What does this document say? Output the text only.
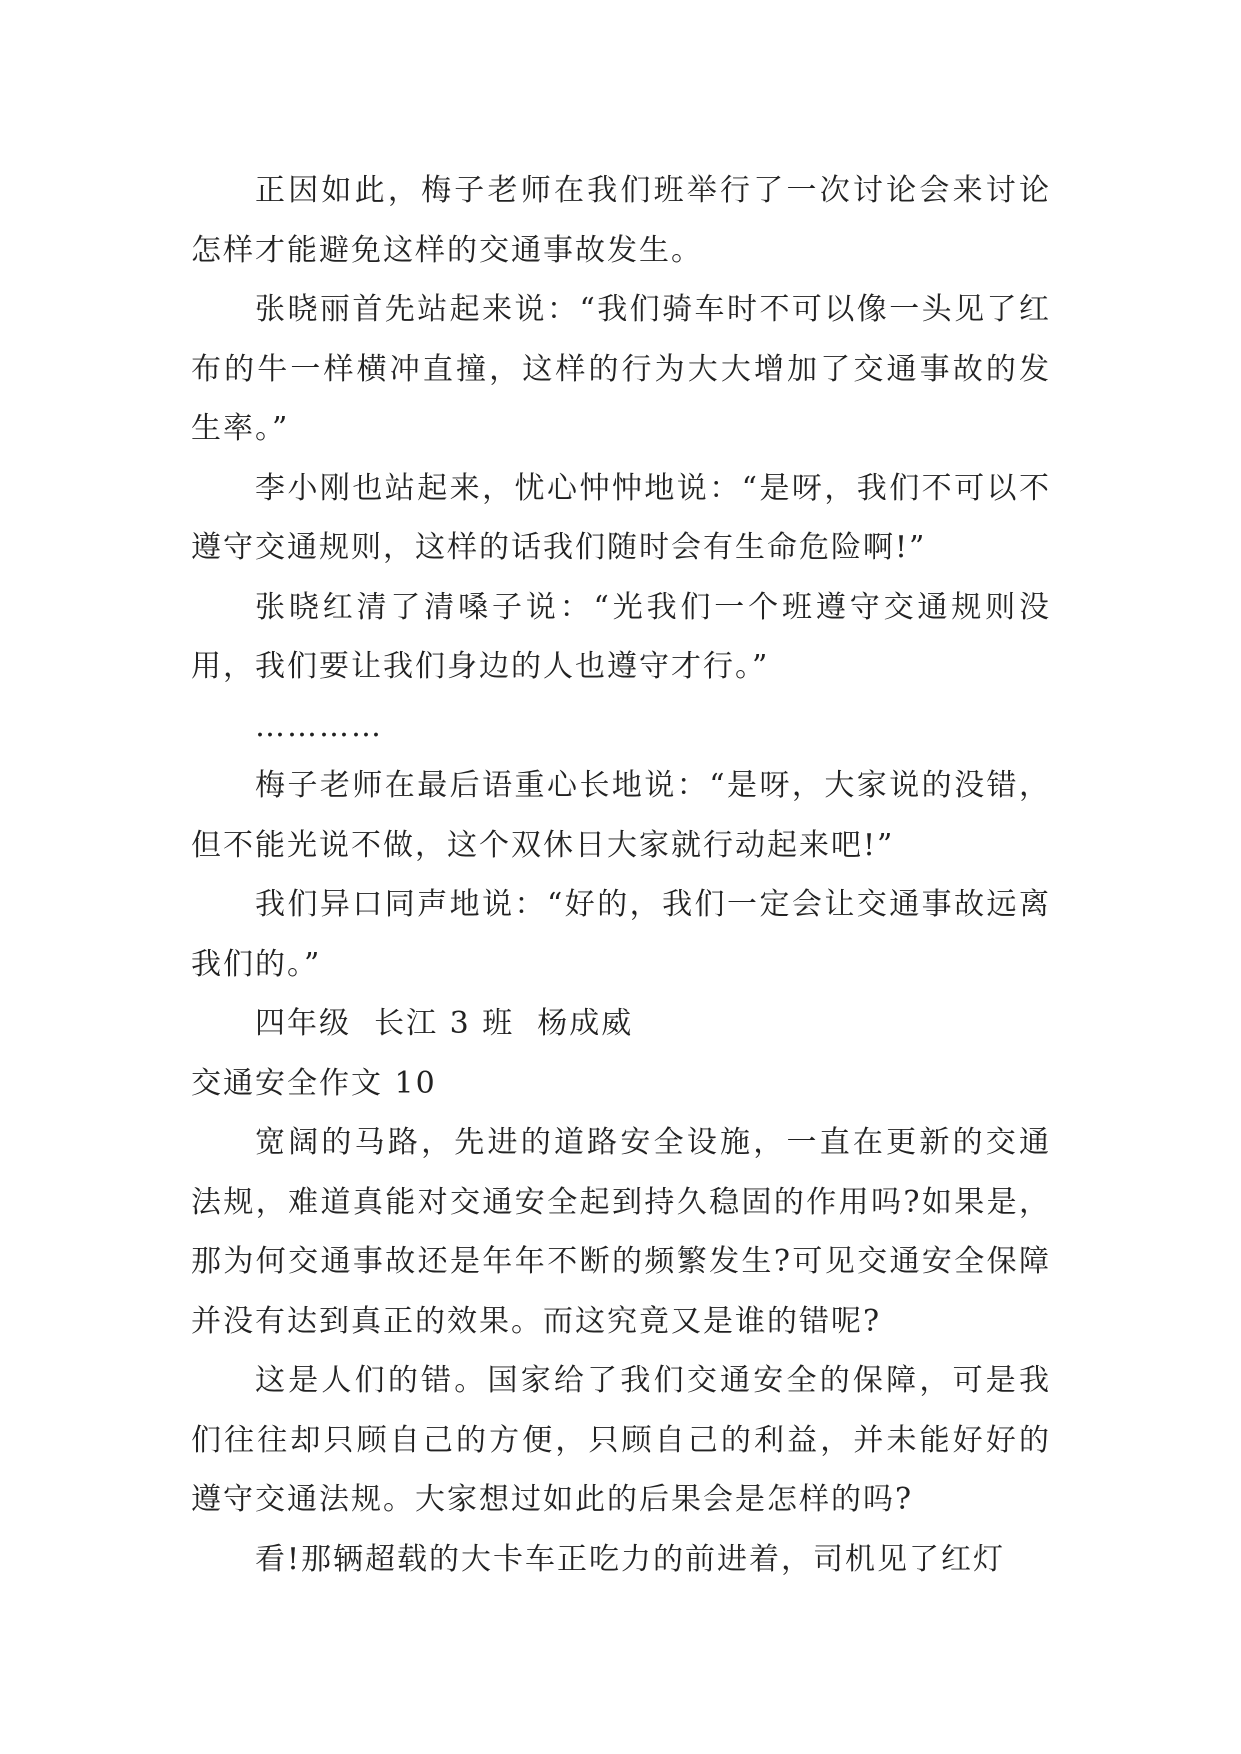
正因如此，梅子老师在我们班举行了一次讨论会来讨论怎样才能避免这样的交通事故发生。

张晓丽首先站起来说：“我们骑车时不可以像一头见了红布的牛一样横冲直撞，这样的行为大大增加了交通事故的发生率。”

李小刚也站起来，忧心忡忡地说：“是呀，我们不可以不遵守交通规则，这样的话我们随时会有生命危险啊!”

张晓红清了清嗓子说：“光我们一个班遵守交通规则没用，我们要让我们身边的人也遵守才行。”

…………

梅子老师在最后语重心长地说：“是呀，大家说的没错，但不能光说不做，这个双休日大家就行动起来吧!”

我们异口同声地说：“好的，我们一定会让交通事故远离我们的。”

四年级  长江 3 班  杨成威

交通安全作文 10

宽阔的马路，先进的道路安全设施，一直在更新的交通法规，难道真能对交通安全起到持久稳固的作用吗?如果是，那为何交通事故还是年年不断的频繁发生?可见交通安全保障并没有达到真正的效果。而这究竟又是谁的错呢?

这是人们的错。国家给了我们交通安全的保障，可是我们往往却只顾自己的方便，只顾自己的利益，并未能好好的遵守交通法规。大家想过如此的后果会是怎样的吗?

看!那辆超载的大卡车正吃力的前进着，司机见了红灯
